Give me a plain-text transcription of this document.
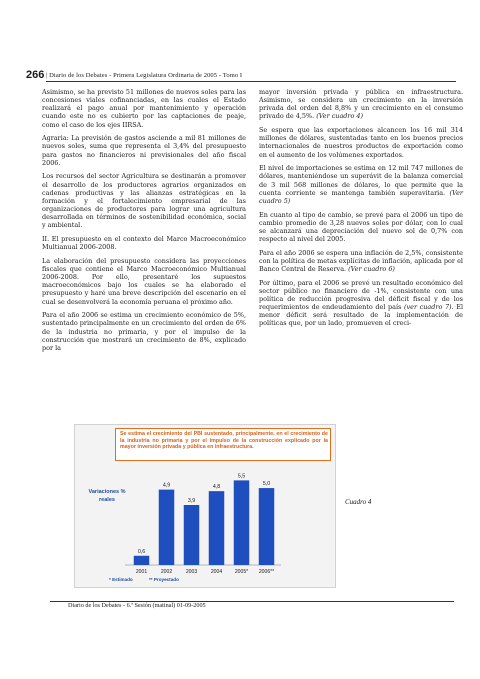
266 | Diario de los Debates - Primera Legislatura Ordinaria de 2005 - Tomo I

Asimismo, se ha previsto 51 millones de nuevos soles para las concesiones viales cofinanciadas, en las cuales el Estado realizará el pago anual por mantenimiento y operación cuando este no es cubierto por las captaciones de peaje, como el caso de los ejes IIRSA.

Agraria: La previsión de gastos asciende a mil 81 millones de nuevos soles, suma que representa el 3,4% del presupuesto para gastos no financieros ni previsionales del año fiscal 2006.

Los recursos del sector Agricultura se destinarán a promover el desarrollo de los productores agrarios organizados en cadenas productivas y las alianzas estratégicas en la formación y el fortalecimiento empresarial de las organizaciones de productores para lograr una agricultura desarrollada en términos de sostenibilidad económica, social y ambiental.

II. El presupuesto en el contexto del Marco Macroeconómico Multianual 2006-2008.

La elaboración del presupuesto considera las proyecciones fiscales que contiene el Marco Macroeconómico Multianual 2006-2008. Por ello, presentaré los supuestos macroeconómicos bajo los cuales se ha elaborado el presupuesto y haré una breve descripción del escenario en el cual se desenvolverá la economía peruana el próximo año.

Para el año 2006 se estima un crecimiento económico de 5%, sustentado principalmente en un crecimiento del orden de 6% de la industria no primaria, y por el impulso de la construcción que mostrará un crecimiento de 8%, explicado por la

mayor inversión privada y pública en infraestructura. Asimismo, se considera un crecimiento en la inversión privada del orden del 8,8% y un crecimiento en el consumo privado de 4,5%. (Ver cuadro 4)

Se espera que las exportaciones alcancen los 16 mil 314 millones de dólares, sustentadas tanto en los buenos precios internacionales de nuestros productos de exportación como en el aumento de los volúmenes exportados.

El nivel de importaciones se estima en 12 mil 747 millones de dólares, manteniéndose un superávit de la balanza comercial de 3 mil 568 millones de dólares, lo que permite que la cuenta corriente se mantenga también superavitaria. (Ver cuadro 5)

En cuanto al tipo de cambio, se prevé para el 2006 un tipo de cambio promedio de 3,28 nuevos soles por dólar, con lo cual se alcanzará una depreciación del nuevo sol de 0,7% con respecto al nivel del 2005.

Para el año 2006 se espera una inflación de 2,5%, consistente con la política de metas explícitas de inflación, aplicada por el Banco Central de Reserva. (Ver cuadro 6)

Por último, para el 2006 se prevé un resultado económico del sector público no financiero de -1%, consistente con una política de reducción progresiva del déficit fiscal y de los requerimientos de endeudamiento del país (ver cuadro 7). El menor déficit será resultado de la implementación de políticas que, por un lado, promueven el creci-

0,6
2001
4,9
2002
3,9
2003
4,8
2004
5,5
2005*
5,0
2006**
Se estima el crecimiento del PBI sustentado, principalmente, en el crecimiento de la industria no primaria y por el impulso de la construcción explicado por la mayor inversión privada y pública en infraestructura.
Variaciones % reales
* Estimado	** Proyectado
Cuadro 4
Diario de los Debates - 6.ª Sesión (matinal) 01-09-2005
